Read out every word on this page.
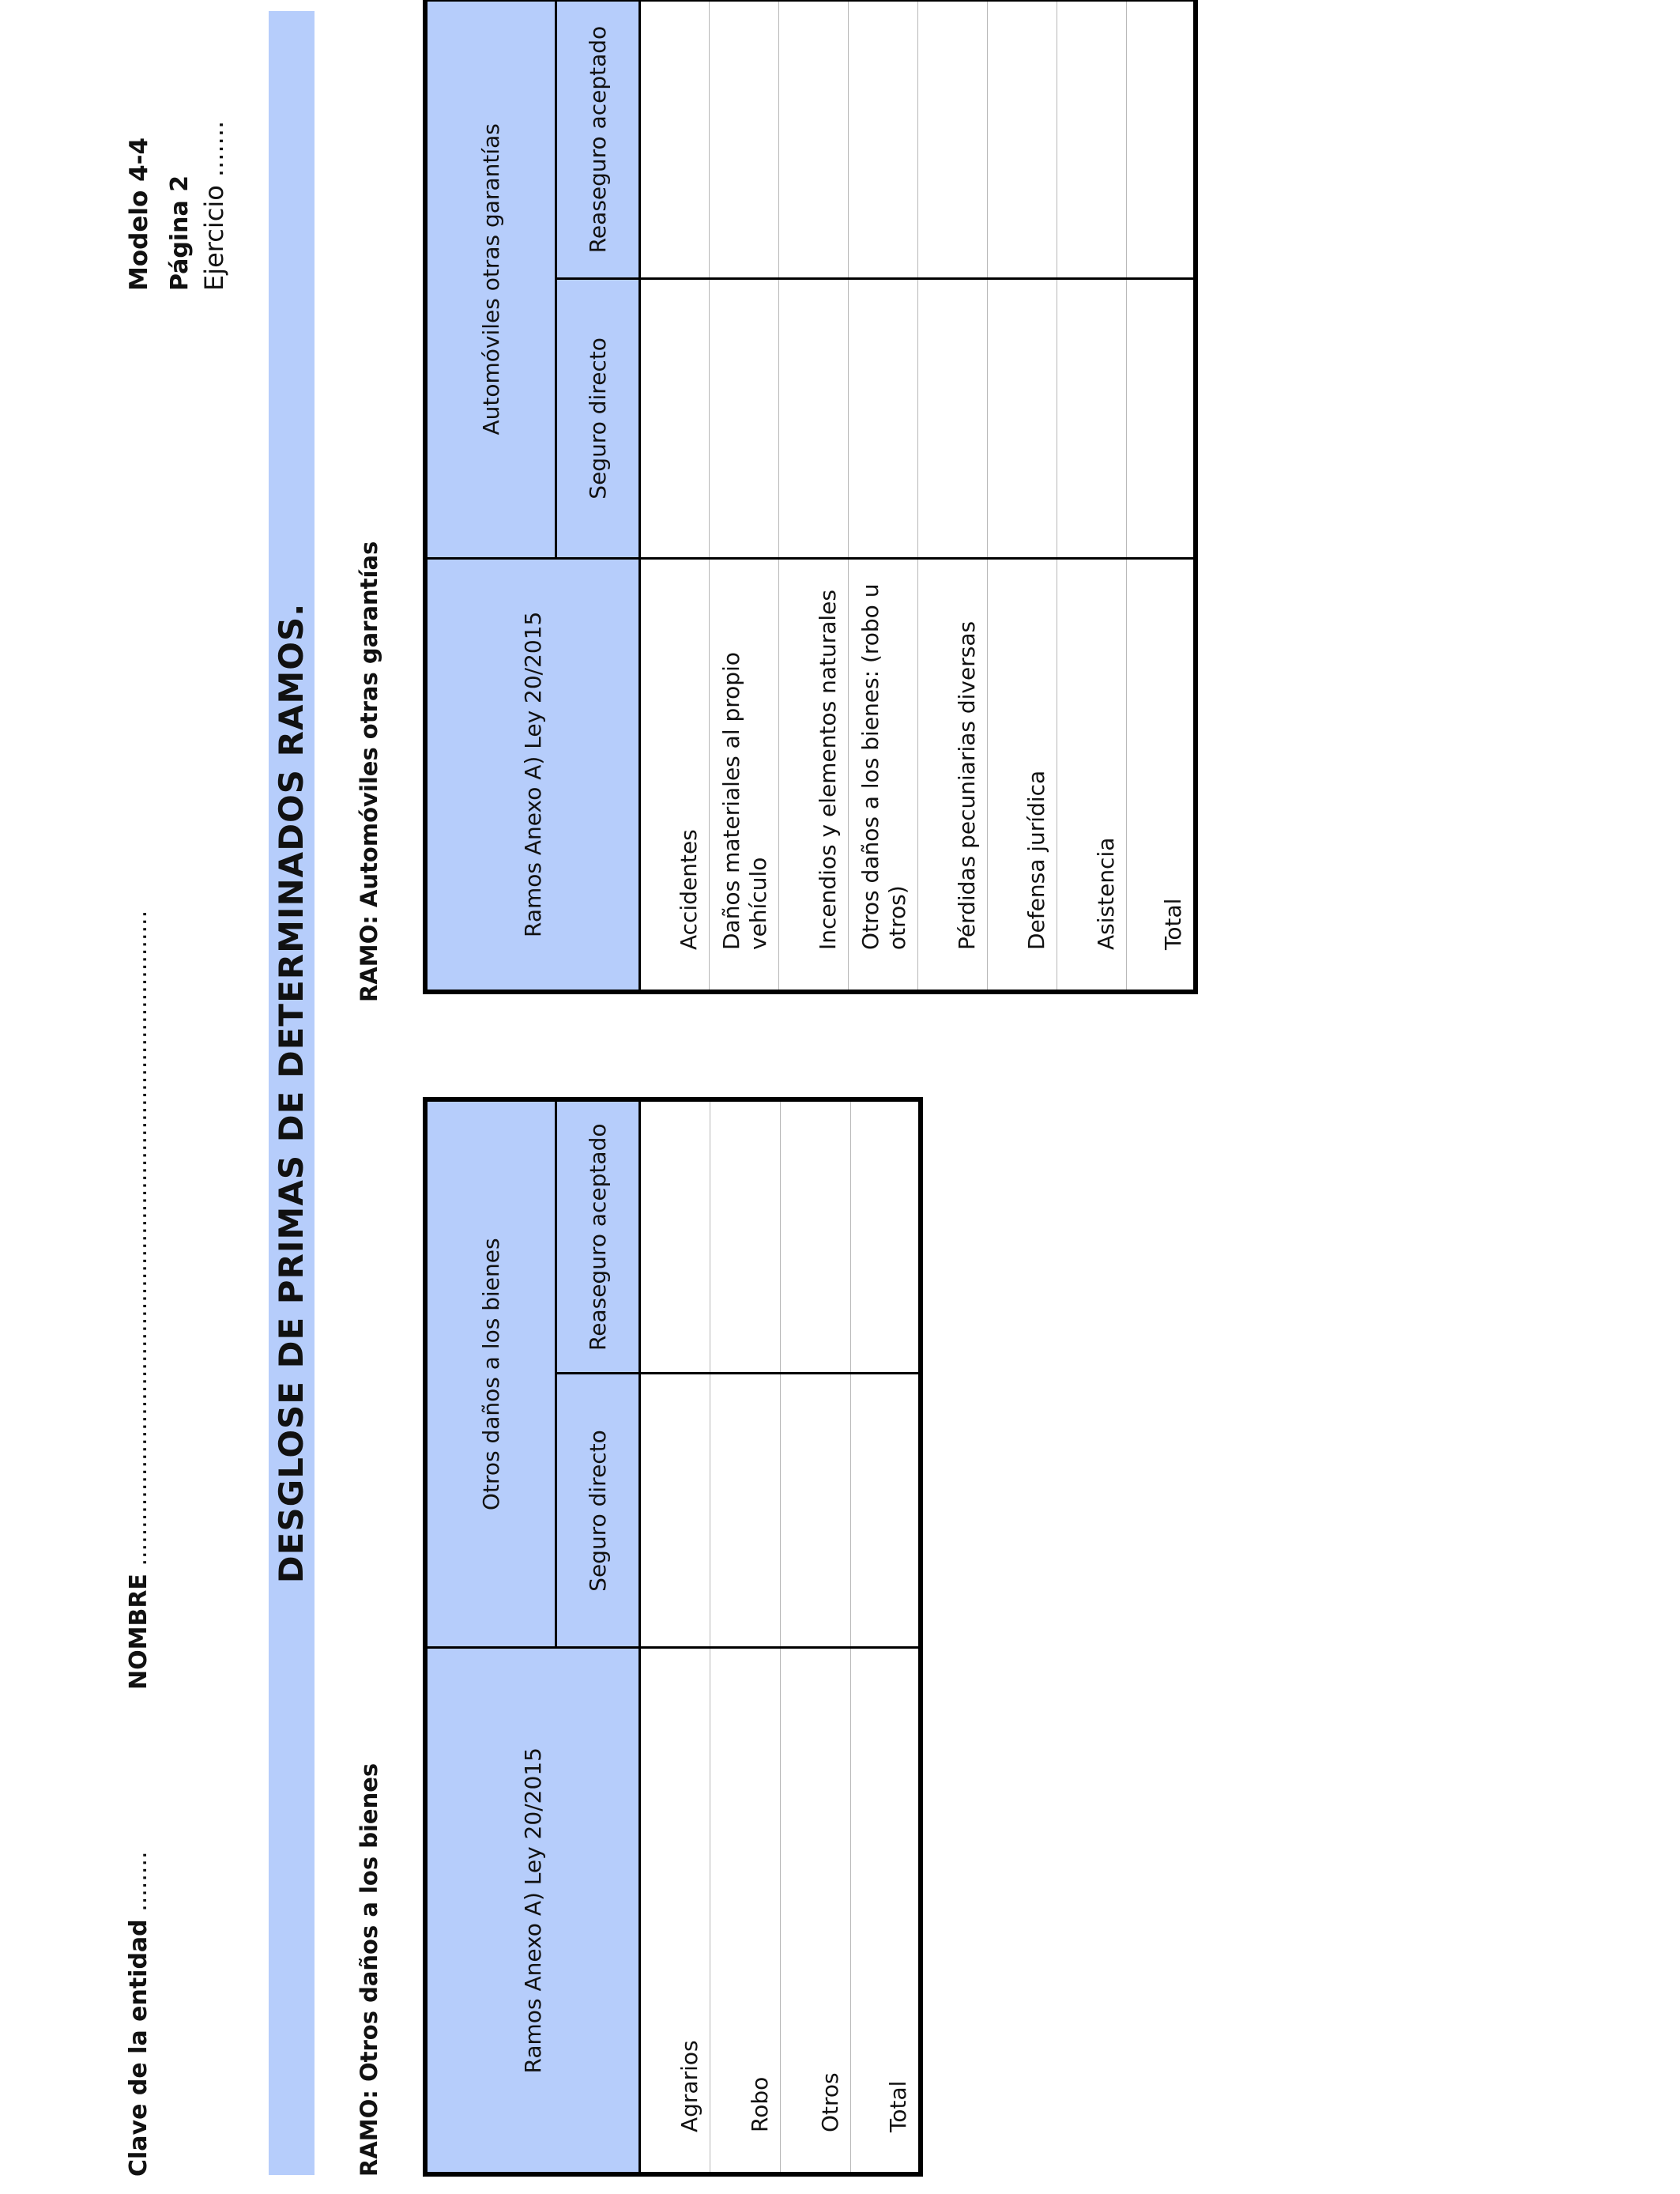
Clave de la entidad ........
NOMBRE .......................................................................................
Modelo 4-4 Página 2 Ejercicio .......
DESGLOSE DE PRIMAS DE DETERMINADOS RAMOS.
RAMO: Otros daños a los bienes	Ramos Anexo A) Ley 20/2015	Otros daños a los bienes	
	Seguro directo	Reaseguro aceptado
Agrarios		
Robo		
Otros		
Total		
RAMO: Automóviles otras garantías	Ramos Anexo A) Ley 20/2015	Automóviles otras garantías	
	Seguro directo	Reaseguro aceptado
Accidentes		
Daños materiales al propio vehículo		
Incendios y elementos naturales		
Otros daños a los bienes: (robo u otros)		
Pérdidas pecuniarias diversas		
Defensa jurídica		
Asistencia		
Total		
